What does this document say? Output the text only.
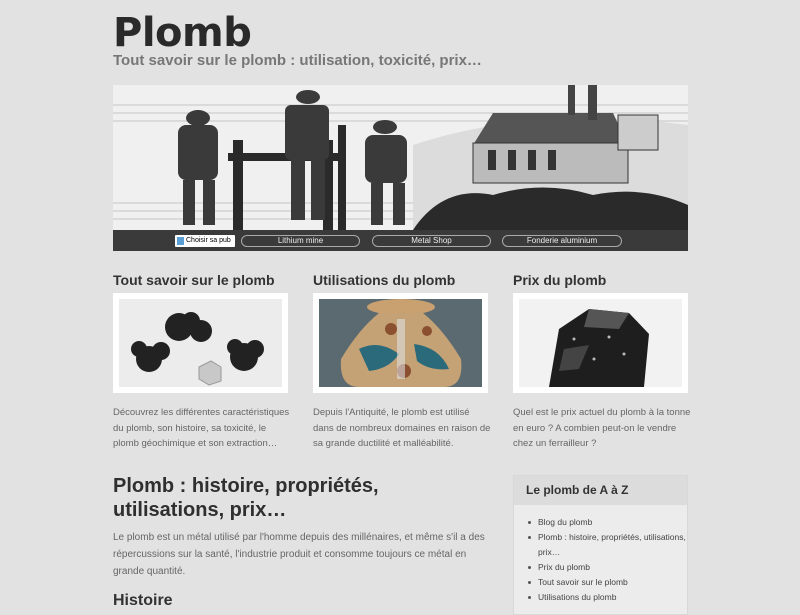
Plomb
Tout savoir sur le plomb : utilisation, toxicité, prix…
Choisir sa pub	Lithium mine	Metal Shop	Fonderie aluminium
Tout savoir sur le plomb
Découvrez les différentes caractéristiques du plomb, son histoire, sa toxicité, le plomb géochimique et son extraction…
Utilisations du plomb
Depuis l'Antiquité, le plomb est utilisé dans de nombreux domaines en raison de sa grande ductilité et malléabilité.
Prix du plomb
Quel est le prix actuel du plomb à la tonne en euro ? A combien peut-on le vendre chez un ferrailleur ?
Plomb : histoire, propriétés, utilisations, prix…
Le plomb est un métal utilisé par l'homme depuis des millénaires, et même s'il a des répercussions sur la santé, l'industrie produit et consomme toujours ce métal en grande quantité.
Histoire
Le plomb de A à Z
Blog du plomb
Plomb : histoire, propriétés, utilisations, prix…
Prix du plomb
Tout savoir sur le plomb
Utilisations du plomb
